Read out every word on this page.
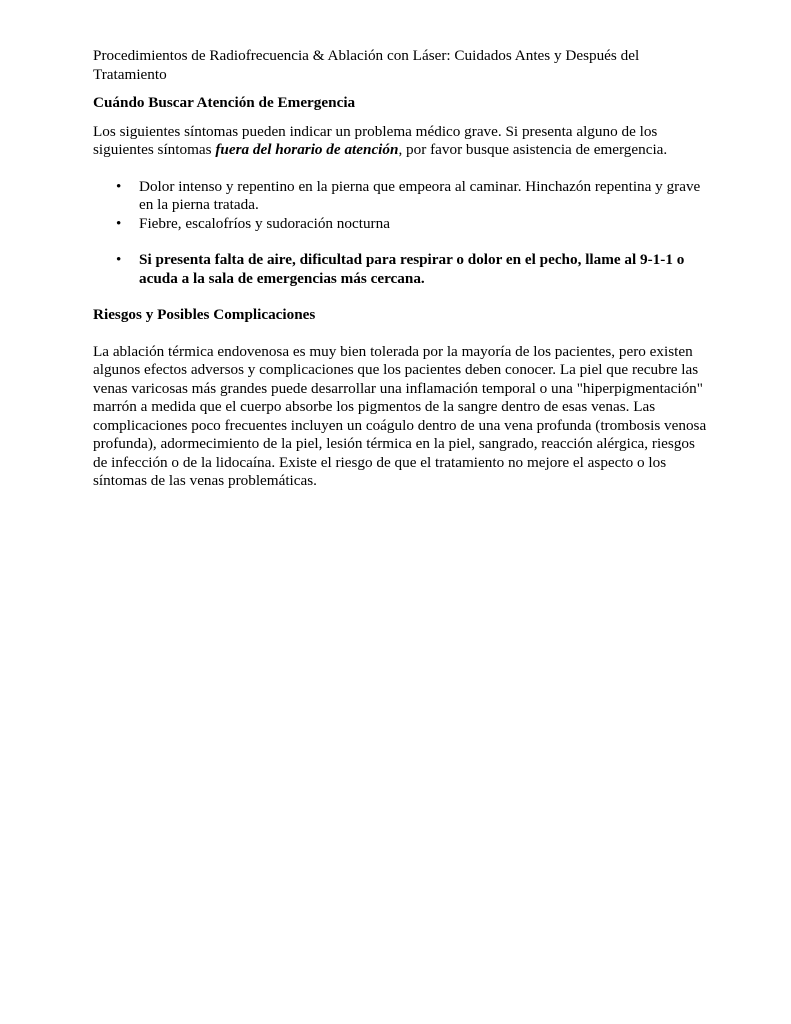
Procedimientos de Radiofrecuencia & Ablación con Láser: Cuidados Antes y Después del Tratamiento

Cuándo Buscar Atención de Emergencia

Los siguientes síntomas pueden indicar un problema médico grave. Si presenta alguno de los siguientes síntomas fuera del horario de atención, por favor busque asistencia de emergencia.

• Dolor intenso y repentino en la pierna que empeora al caminar. Hinchazón repentina y grave en la pierna tratada.
• Fiebre, escalofríos y sudoración nocturna
• Si presenta falta de aire, dificultad para respirar o dolor en el pecho, llame al 9-1-1 o acuda a la sala de emergencias más cercana.

Riesgos y Posibles Complicaciones

La ablación térmica endovenosa es muy bien tolerada por la mayoría de los pacientes, pero existen algunos efectos adversos y complicaciones que los pacientes deben conocer. La piel que recubre las venas varicosas más grandes puede desarrollar una inflamación temporal o una "hiperpigmentación" marrón a medida que el cuerpo absorbe los pigmentos de la sangre dentro de esas venas. Las complicaciones poco frecuentes incluyen un coágulo dentro de una vena profunda (trombosis venosa profunda), adormecimiento de la piel, lesión térmica en la piel, sangrado, reacción alérgica, riesgos de infección o de la lidocaína. Existe el riesgo de que el tratamiento no mejore el aspecto o los síntomas de las venas problemáticas.
